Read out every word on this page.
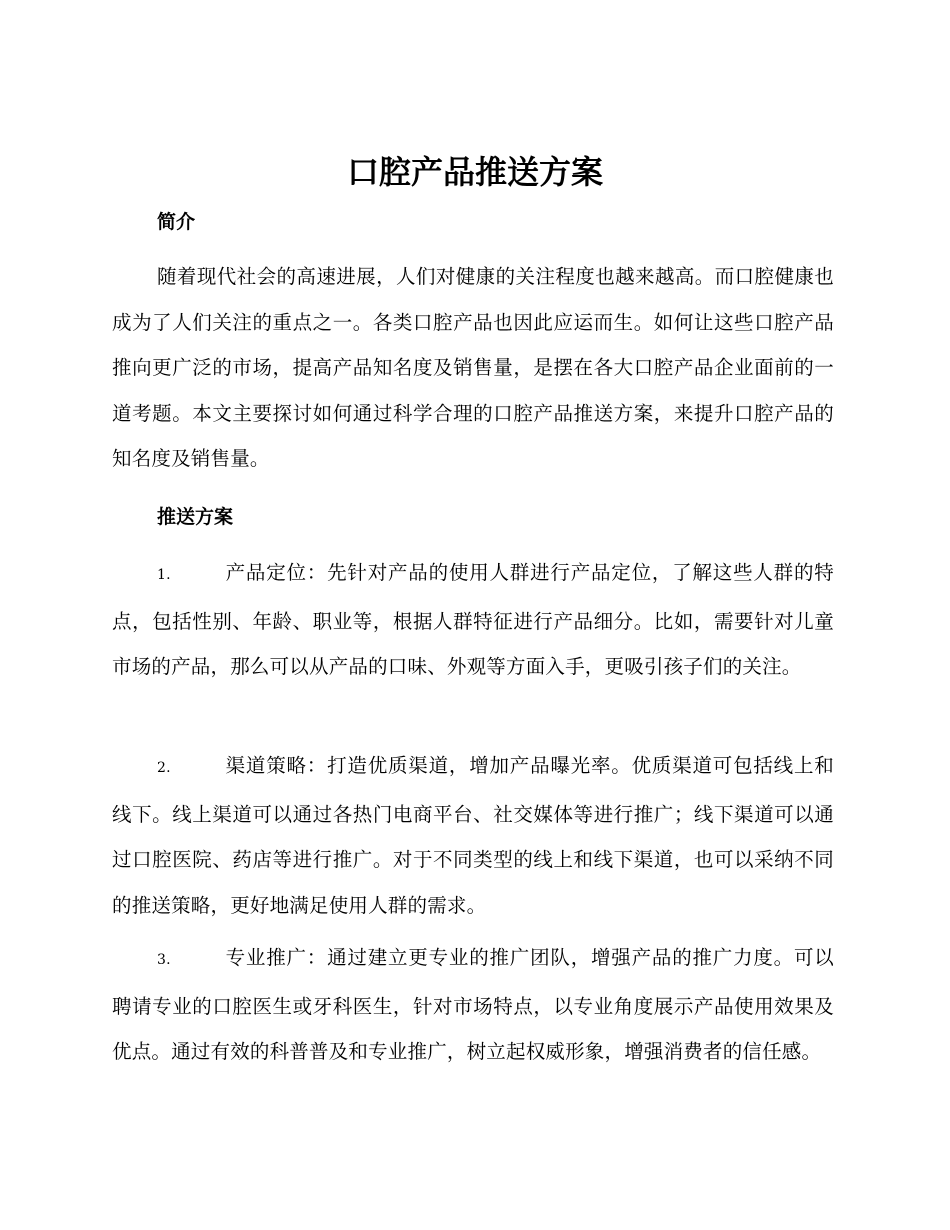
口腔产品推送方案
简介

随着现代社会的高速进展，人们对健康的关注程度也越来越高。而口腔健康也成为了人们关注的重点之一。各类口腔产品也因此应运而生。如何让这些口腔产品推向更广泛的市场，提高产品知名度及销售量，是摆在各大口腔产品企业面前的一道考题。本文主要探讨如何通过科学合理的口腔产品推送方案，来提升口腔产品的知名度及销售量。

推送方案

1.	产品定位：先针对产品的使用人群进行产品定位，了解这些人群的特点，包括性别、年龄、职业等，根据人群特征进行产品细分。比如，需要针对儿童市场的产品，那么可以从产品的口味、外观等方面入手，更吸引孩子们的关注。

2.	渠道策略：打造优质渠道，增加产品曝光率。优质渠道可包括线上和线下。线上渠道可以通过各热门电商平台、社交媒体等进行推广；线下渠道可以通过口腔医院、药店等进行推广。对于不同类型的线上和线下渠道，也可以采纳不同的推送策略，更好地满足使用人群的需求。

3.	专业推广：通过建立更专业的推广团队，增强产品的推广力度。可以聘请专业的口腔医生或牙科医生，针对市场特点，以专业角度展示产品使用效果及优点。通过有效的科普普及和专业推广，树立起权威形象，增强消费者的信任感。
